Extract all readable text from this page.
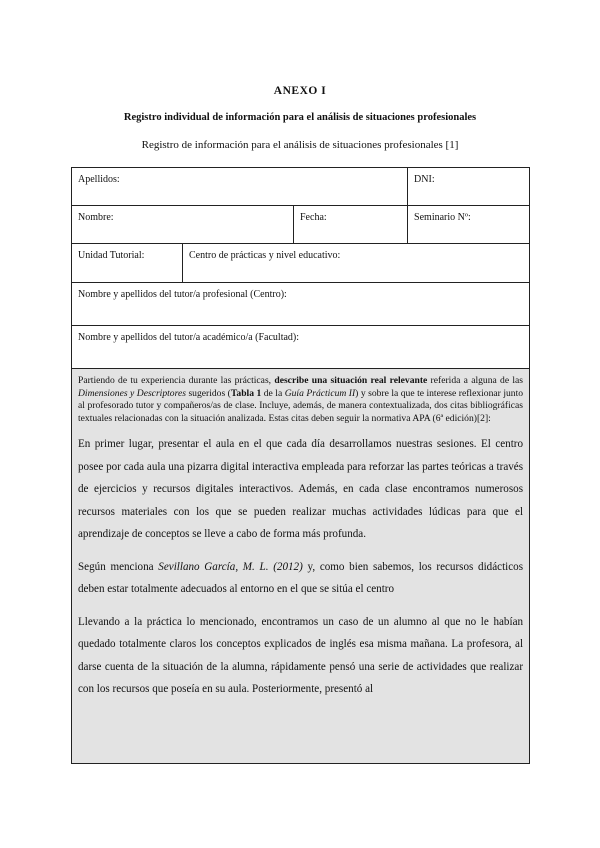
ANEXO I
Registro individual de información para el análisis de situaciones profesionales
Registro de información para el análisis de situaciones profesionales [1]
Apellidos:			DNI:
Nombre:		Fecha:	Seminario Nº:
Unidad Tutorial:	Centro de prácticas y nivel educativo:		
Nombre y apellidos del tutor/a profesional (Centro):			
Nombre y apellidos del tutor/a académico/a (Facultad):			

Partiendo de tu experiencia durante las prácticas, describe una situación real relevante referida a alguna de las Dimensiones y Descriptores sugeridos (Tabla 1 de la Guía Prácticum II) y sobre la que te interese reflexionar junto al profesorado tutor y compañeros/as de clase. Incluye, además, de manera contextualizada, dos citas bibliográficas textuales relacionadas con la situación analizada. Estas citas deben seguir la normativa APA (6ª edición)[2]:

En primer lugar, presentar el aula en el que cada día desarrollamos nuestras sesiones. El centro posee por cada aula una pizarra digital interactiva empleada para reforzar las partes teóricas a través de ejercicios y recursos digitales interactivos. Además, en cada clase encontramos numerosos recursos materiales con los que se pueden realizar muchas actividades lúdicas para que el aprendizaje de conceptos se lleve a cabo de forma más profunda.

Según menciona Sevillano García, M. L. (2012) y, como bien sabemos, los recursos didácticos deben estar totalmente adecuados al entorno en el que se sitúa el centro

Llevando a la práctica lo mencionado, encontramos un caso de un alumno al que no le habían quedado totalmente claros los conceptos explicados de inglés esa misma mañana. La profesora, al darse cuenta de la situación de la alumna, rápidamente pensó una serie de actividades que realizar con los recursos que poseía en su aula. Posteriormente, presentó al			
